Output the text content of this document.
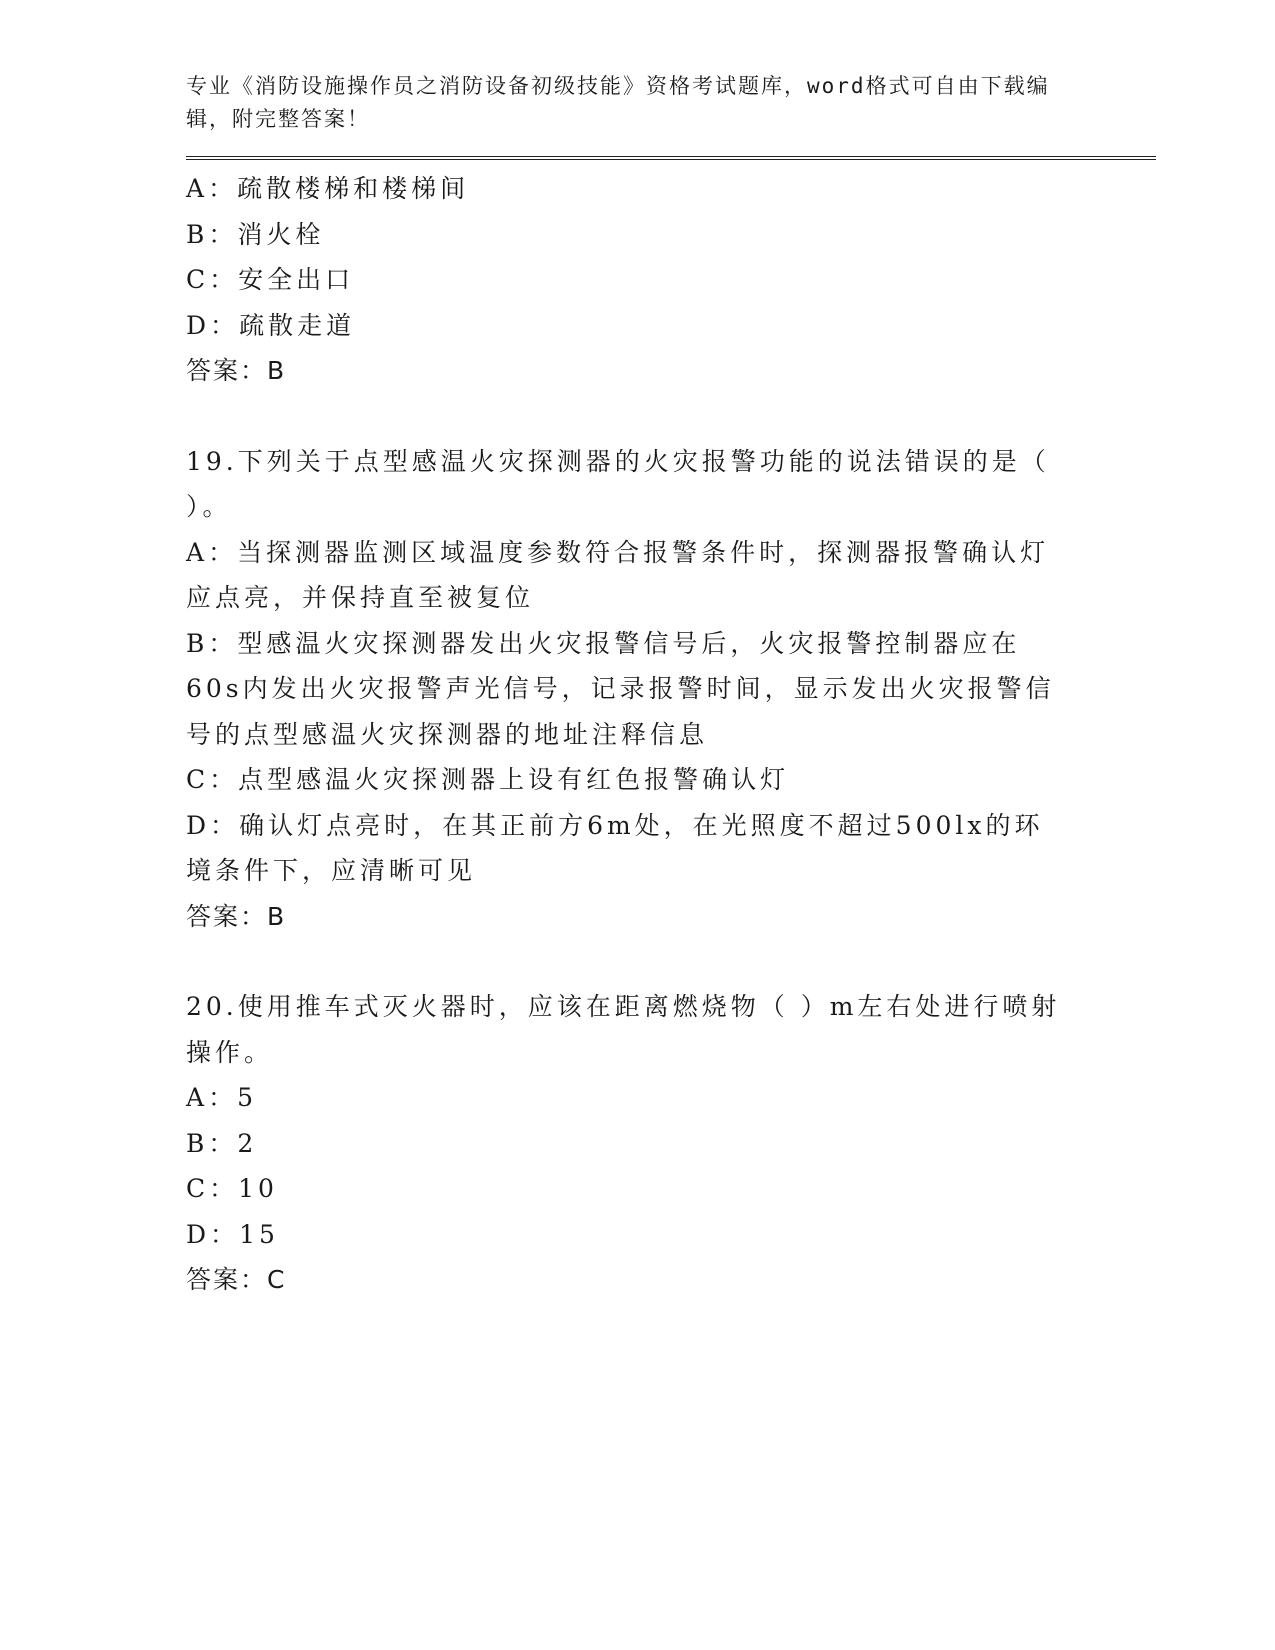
专业《消防设施操作员之消防设备初级技能》资格考试题库，word格式可自由下载编辑，附完整答案！
A：疏散楼梯和楼梯间
B：消火栓
C：安全出口
D：疏散走道
答案：B
19.下列关于点型感温火灾探测器的火灾报警功能的说法错误的是（ ）。
A：当探测器监测区域温度参数符合报警条件时，探测器报警确认灯应点亮，并保持直至被复位
B：型感温火灾探测器发出火灾报警信号后，火灾报警控制器应在60s内发出火灾报警声光信号，记录报警时间，显示发出火灾报警信号的点型感温火灾探测器的地址注释信息
C：点型感温火灾探测器上设有红色报警确认灯
D：确认灯点亮时，在其正前方6m处，在光照度不超过500lx的环境条件下，应清晰可见
答案：B
20.使用推车式灭火器时，应该在距离燃烧物（ ）m左右处进行喷射操作。
A：5
B：2
C：10
D：15
答案：C
